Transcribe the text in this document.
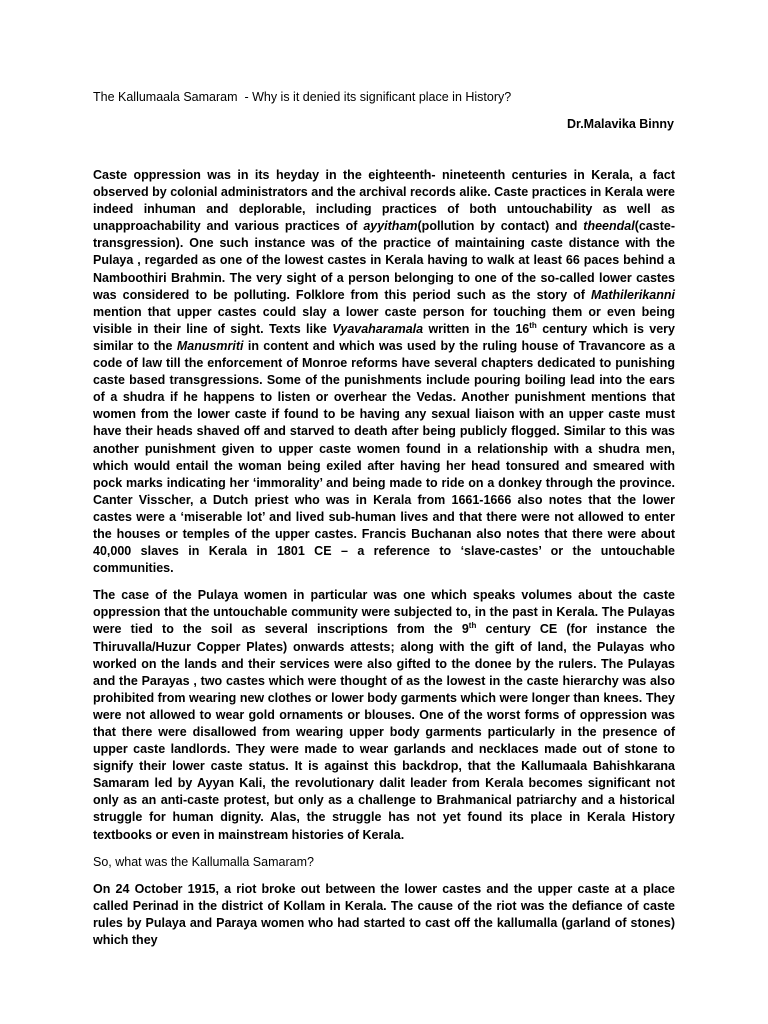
The Kallumaala Samaram  - Why is it denied its significant place in History?
Dr.Malavika Binny

Caste oppression was in its heyday in the eighteenth- nineteenth centuries in Kerala, a fact observed by colonial administrators and the archival records alike. Caste practices in Kerala were indeed inhuman and deplorable, including practices of both untouchability as well as unapproachability and various practices of ayyitham(pollution by contact) and theendal(caste-transgression). One such instance was of the practice of maintaining caste distance with the Pulaya , regarded as one of the lowest castes in Kerala having to walk at least 66 paces behind a Namboothiri Brahmin. The very sight of a person belonging to one of the so-called lower castes was considered to be polluting. Folklore from this period such as the story of Mathilerikanni mention that upper castes could slay a lower caste person for touching them or even being visible in their line of sight. Texts like Vyavaharamala written in the 16th century which is very similar to the Manusmriti in content and which was used by the ruling house of Travancore as a code of law till the enforcement of Monroe reforms have several chapters dedicated to punishing caste based transgressions. Some of the punishments include pouring boiling lead into the ears of a shudra if he happens to listen or overhear the Vedas. Another punishment mentions that women from the lower caste if found to be having any sexual liaison with an upper caste must have their heads shaved off and starved to death after being publicly flogged. Similar to this was another punishment given to upper caste women found in a relationship with a shudra men, which would entail the woman being exiled after having her head tonsured and smeared with pock marks indicating her ‘immorality’ and being made to ride on a donkey through the province. Canter Visscher, a Dutch priest who was in Kerala from 1661-1666 also notes that the lower castes were a ‘miserable lot’ and lived sub-human lives and that there were not allowed to enter the houses or temples of the upper castes. Francis Buchanan also notes that there were about 40,000 slaves in Kerala in 1801 CE – a reference to ‘slave-castes’ or the untouchable communities.

The case of the Pulaya women in particular was one which speaks volumes about the caste oppression that the untouchable community were subjected to, in the past in Kerala. The Pulayas were tied to the soil as several inscriptions from the 9th century CE (for instance the Thiruvalla/Huzur Copper Plates) onwards attests; along with the gift of land, the Pulayas who worked on the lands and their services were also gifted to the donee by the rulers. The Pulayas and the Parayas , two castes which were thought of as the lowest in the caste hierarchy was also prohibited from wearing new clothes or lower body garments which were longer than knees. They were not allowed to wear gold ornaments or blouses. One of the worst forms of oppression was that there were disallowed from wearing upper body garments particularly in the presence of upper caste landlords. They were made to wear garlands and necklaces made out of stone to signify their lower caste status. It is against this backdrop, that the Kallumaala Bahishkarana Samaram led by Ayyan Kali, the revolutionary dalit leader from Kerala becomes significant not only as an anti-caste protest, but only as a challenge to Brahmanical patriarchy and a historical struggle for human dignity. Alas, the struggle has not yet found its place in Kerala History textbooks or even in mainstream histories of Kerala.

So, what was the Kallumalla Samaram?

On 24 October 1915, a riot broke out between the lower castes and the upper caste at a place called Perinad in the district of Kollam in Kerala. The cause of the riot was the defiance of caste rules by Pulaya and Paraya women who had started to cast off the kallumalla (garland of stones) which they
